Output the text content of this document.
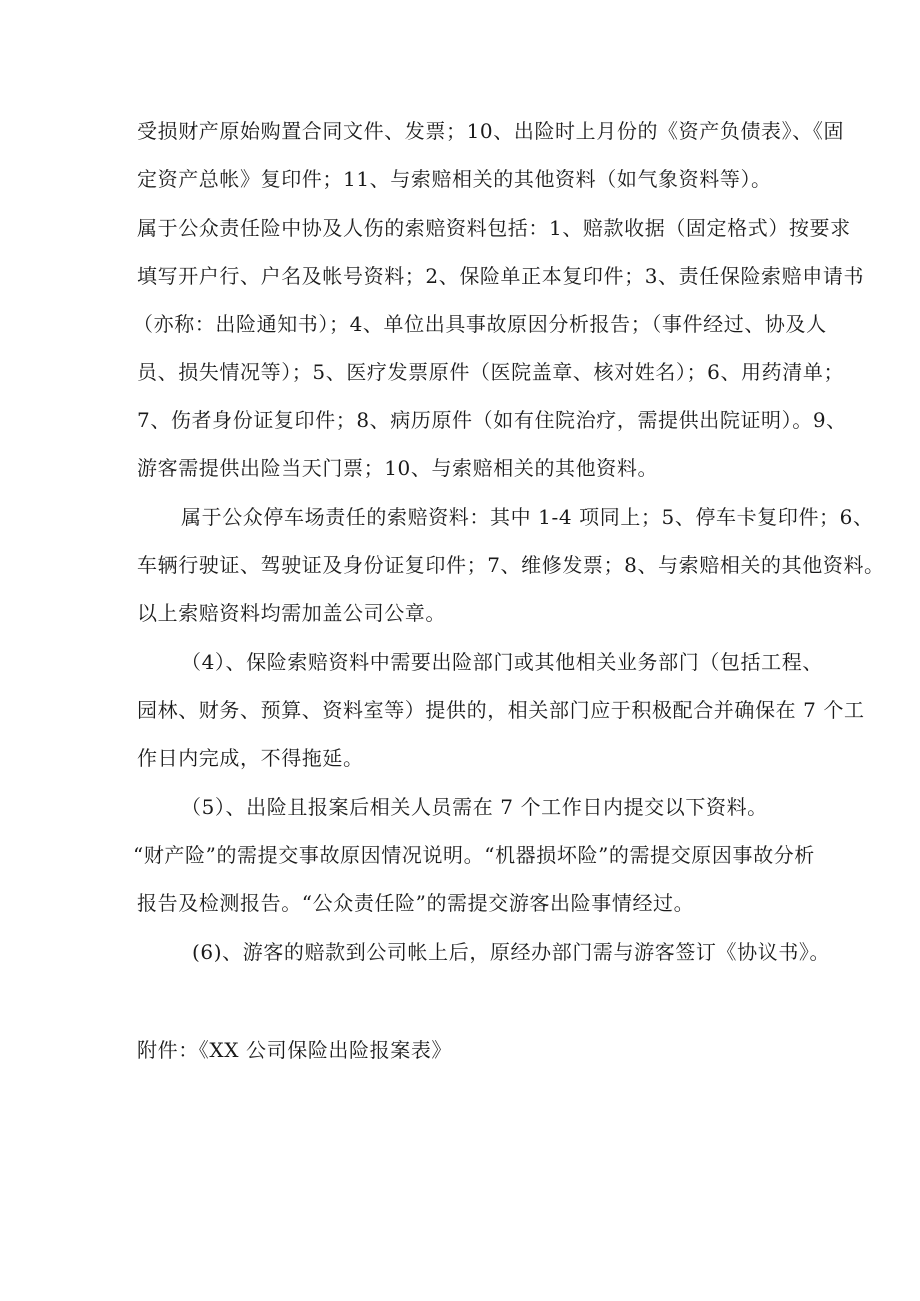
受损财产原始购置合同文件、发票；10、出险时上月份的《资产负债表》、《固
定资产总帐》复印件；11、与索赔相关的其他资料（如气象资料等）。
属于公众责任险中协及人伤的索赔资料包括：1、赔款收据（固定格式）按要求
填写开户行、户名及帐号资料；2、保险单正本复印件；3、责任保险索赔申请书
（亦称：出险通知书）；4、单位出具事故原因分析报告；（事件经过、协及人
员、损失情况等）；5、医疗发票原件（医院盖章、核对姓名）；6、用药清单；
7、伤者身份证复印件；8、病历原件（如有住院治疗，需提供出院证明）。9、
游客需提供出险当天门票；10、与索赔相关的其他资料。
属于公众停车场责任的索赔资料：其中 1-4 项同上；5、停车卡复印件；6、
车辆行驶证、驾驶证及身份证复印件；7、维修发票；8、与索赔相关的其他资料。
以上索赔资料均需加盖公司公章。
（4）、保险索赔资料中需要出险部门或其他相关业务部门（包括工程、
园林、财务、预算、资料室等）提供的，相关部门应于积极配合并确保在 7 个工
作日内完成，不得拖延。
（5）、出险且报案后相关人员需在 7 个工作日内提交以下资料。
“财产险”的需提交事故原因情况说明。“机器损坏险”的需提交原因事故分析
报告及检测报告。“公众责任险”的需提交游客出险事情经过。
(6)、游客的赔款到公司帐上后，原经办部门需与游客签订《协议书》。
附件：《XX 公司保险出险报案表》
